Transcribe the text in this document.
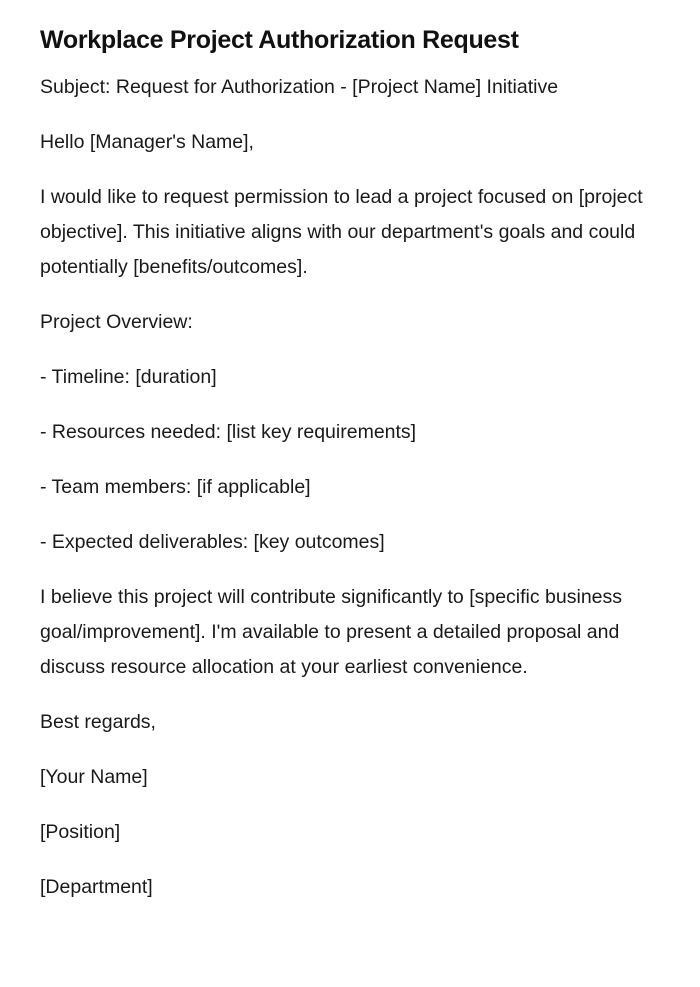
Workplace Project Authorization Request

Subject: Request for Authorization - [Project Name] Initiative

Hello [Manager's Name],

I would like to request permission to lead a project focused on [project objective]. This initiative aligns with our department's goals and could potentially [benefits/outcomes].

Project Overview:

- Timeline: [duration]

- Resources needed: [list key requirements]

- Team members: [if applicable]

- Expected deliverables: [key outcomes]

I believe this project will contribute significantly to [specific business goal/improvement]. I'm available to present a detailed proposal and discuss resource allocation at your earliest convenience.

Best regards,

[Your Name]

[Position]

[Department]
